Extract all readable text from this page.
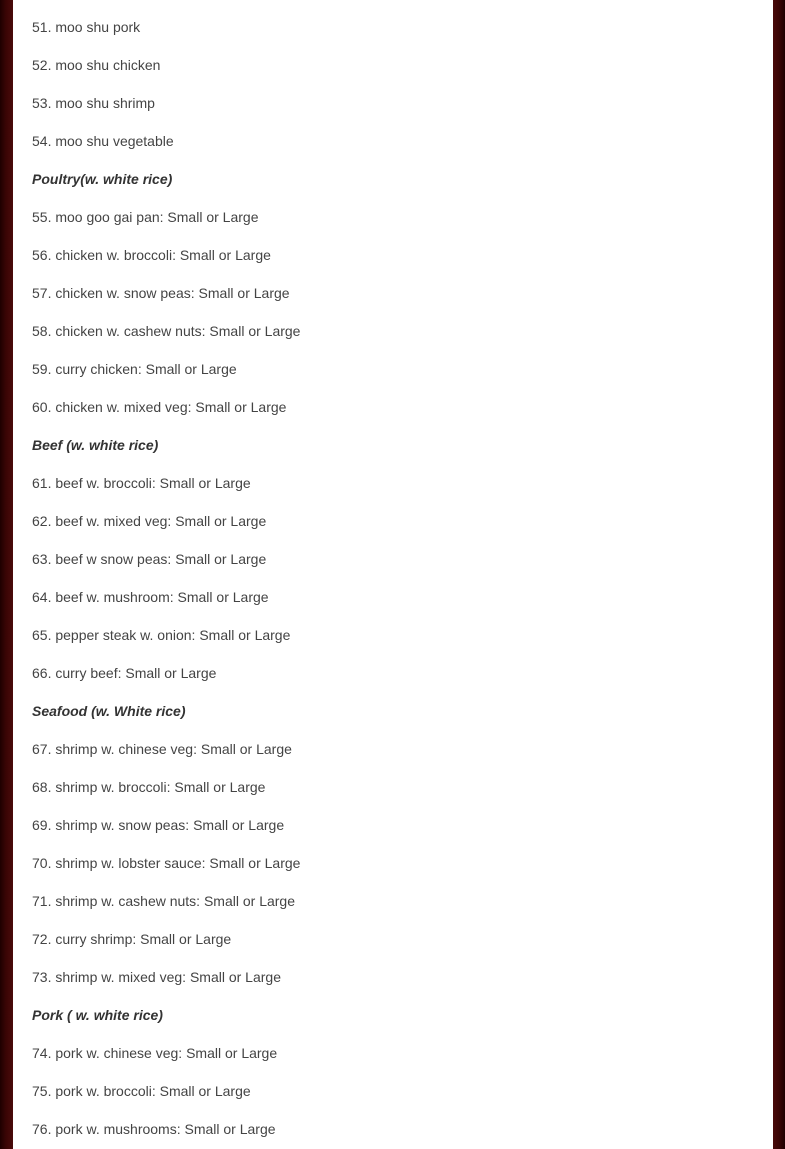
51. moo shu pork
52. moo shu chicken
53. moo shu shrimp
54. moo shu vegetable
Poultry(w. white rice)
55. moo goo gai pan: Small or Large
56. chicken w. broccoli: Small or Large
57. chicken w. snow peas: Small or Large
58. chicken w. cashew nuts: Small or Large
59. curry chicken: Small or Large
60. chicken w. mixed veg: Small or Large
Beef (w. white rice)
61. beef w. broccoli: Small or Large
62. beef w. mixed veg: Small or Large
63. beef w snow peas: Small or Large
64. beef w. mushroom: Small or Large
65. pepper steak w. onion: Small or Large
66. curry beef: Small or Large
Seafood (w. White rice)
67. shrimp w. chinese veg: Small or Large
68. shrimp w. broccoli: Small or Large
69. shrimp w. snow peas: Small or Large
70. shrimp w. lobster sauce: Small or Large
71. shrimp w. cashew nuts: Small or Large
72. curry shrimp: Small or Large
73. shrimp w. mixed veg: Small or Large
Pork ( w. white rice)
74. pork w. chinese veg: Small or Large
75. pork w. broccoli: Small or Large
76. pork w. mushrooms: Small or Large
